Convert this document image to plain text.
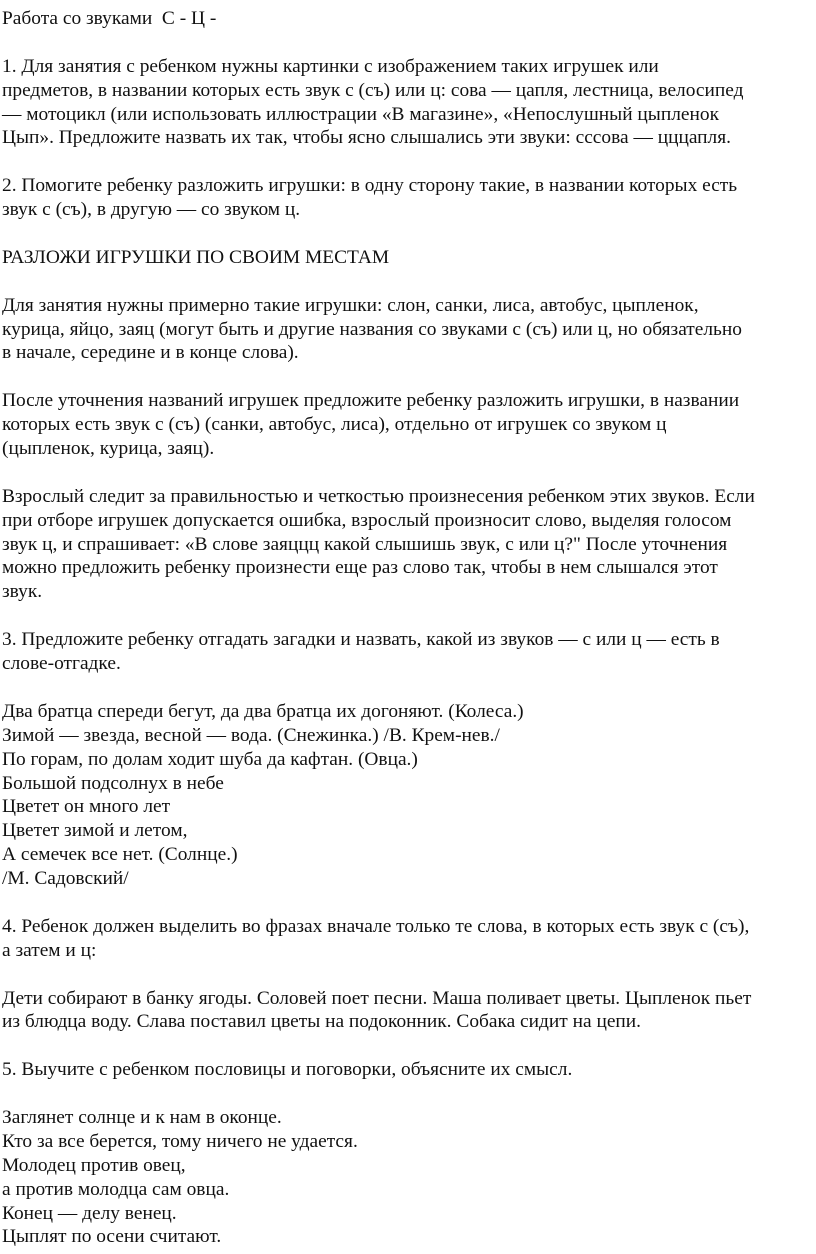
Работа со звуками  С - Ц -
1. Для занятия с ребенком нужны картинки с изображением таких игрушек или
предметов, в названии которых есть звук с (съ) или ц: сова — цапля, лестница, велосипед
— мотоцикл (или использовать иллюстрации «В магазине», «Непослушный цыпленок
Цып». Предложите назвать их так, чтобы ясно слышались эти звуки: сссова — цццапля.
2. Помогите ребенку разложить игрушки: в одну сторону такие, в названии которых есть
звук с (съ), в другую — со звуком ц.
РАЗЛОЖИ ИГРУШКИ ПО СВОИМ МЕСТАМ
Для занятия нужны примерно такие игрушки: слон, санки, лиса, автобус, цыпленок,
курица, яйцо, заяц (могут быть и другие названия со звуками с (съ) или ц, но обязательно
в начале, середине и в конце слова).
После уточнения названий игрушек предложите ребенку разложить игрушки, в названии
которых есть звук с (съ) (санки, автобус, лиса), отдельно от игрушек со звуком ц
(цыпленок, курица, заяц).
Взрослый следит за правильностью и четкостью произнесения ребенком этих звуков. Если
при отборе игрушек допускается ошибка, взрослый произносит слово, выделяя голосом
звук ц, и спрашивает: «В слове заяццц какой слышишь звук, с или ц?" После уточнения
можно предложить ребенку произнести еще раз слово так, чтобы в нем слышался этот
звук.
3. Предложите ребенку отгадать загадки и назвать, какой из звуков — с или ц — есть в
слове-отгадке.
Два братца спереди бегут, да два братца их догоняют. (Колеса.)
Зимой — звезда, весной — вода. (Снежинка.) /В. Крем-нев./
По горам, по долам ходит шуба да кафтан. (Овца.)
Большой подсолнух в небе
Цветет он много лет
Цветет зимой и летом,
А семечек все нет. (Солнце.)
/М. Садовский/
4. Ребенок должен выделить во фразах вначале только те слова, в которых есть звук с (съ),
а затем и ц:
Дети собирают в банку ягоды. Соловей поет песни. Маша поливает цветы. Цыпленок пьет
из блюдца воду. Слава поставил цветы на подоконник. Собака сидит на цепи.
5. Выучите с ребенком пословицы и поговорки, объясните их смысл.
Заглянет солнце и к нам в оконце.
Кто за все берется, тому ничего не удается.
Молодец против овец,
а против молодца сам овца.
Конец — делу венец.
Цыплят по осени считают.
